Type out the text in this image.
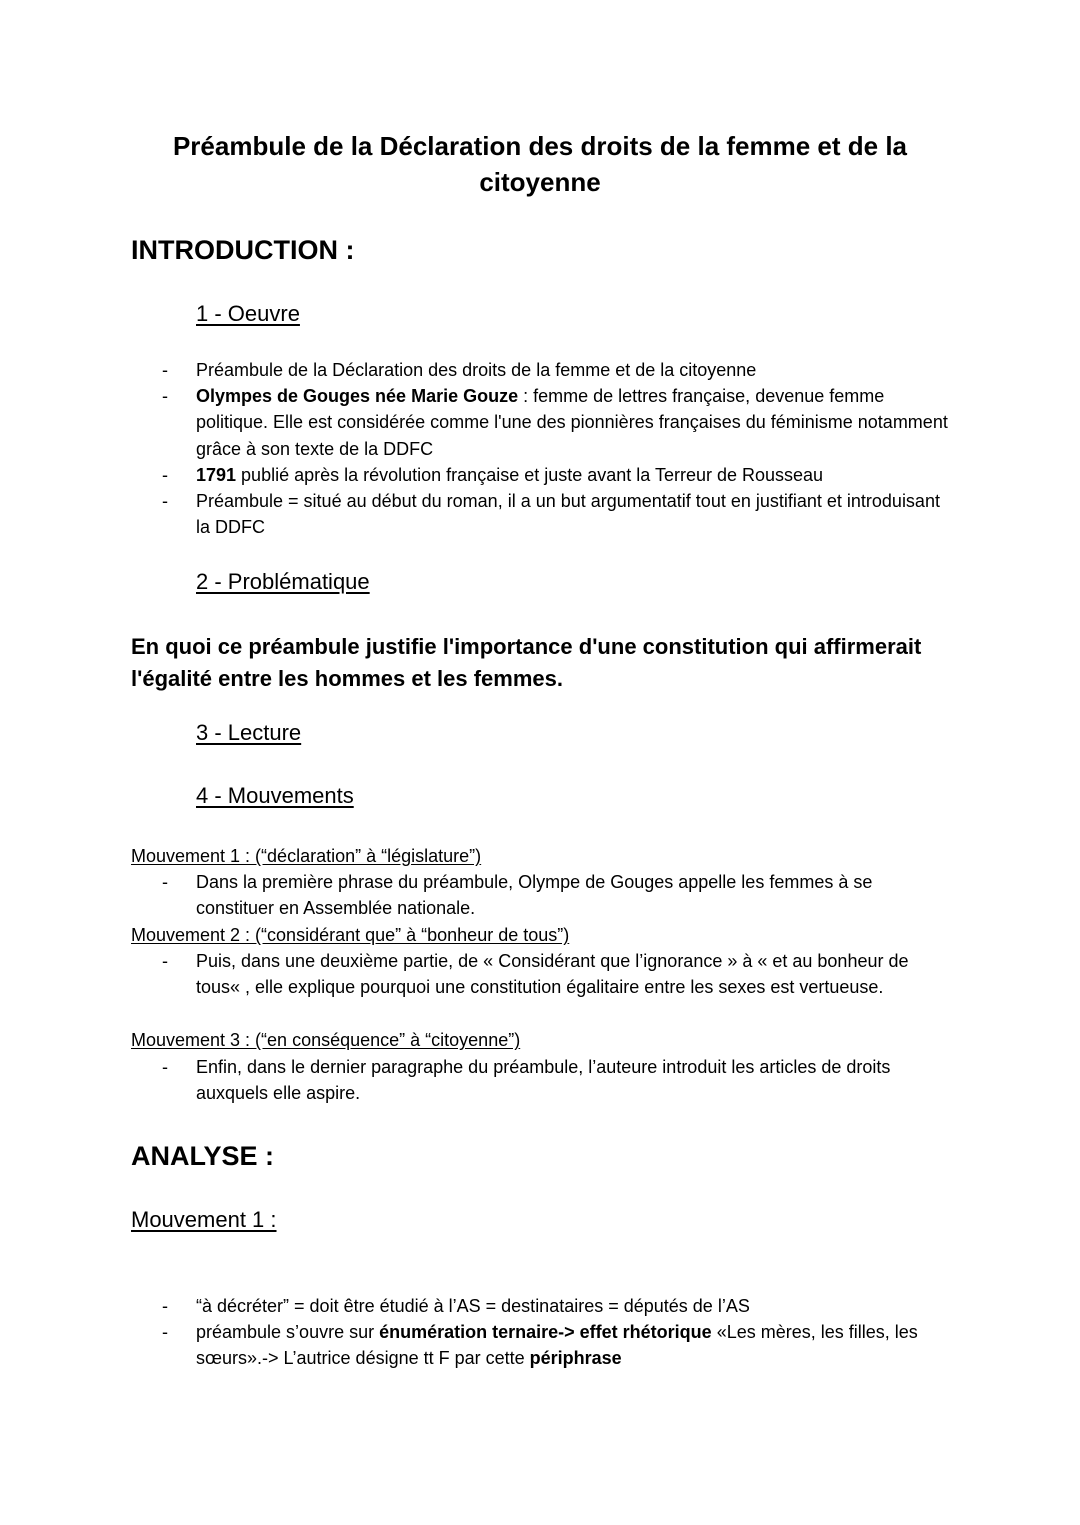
Préambule de la Déclaration des droits de la femme et de la citoyenne
INTRODUCTION :
1 - Oeuvre
- Préambule de la Déclaration des droits de la femme et de la citoyenne
- Olympes de Gouges née Marie Gouze : femme de lettres française, devenue femme politique. Elle est considérée comme l'une des pionnières françaises du féminisme notamment grâce à son texte de la DDFC
- 1791 publié après la révolution française et juste avant la Terreur de Rousseau
- Préambule = situé au début du roman, il a un but argumentatif tout en justifiant et introduisant la DDFC
2 - Problématique
En quoi ce préambule justifie l'importance d'une constitution qui affirmerait l'égalité entre les hommes et les femmes.
3 - Lecture
4 - Mouvements
Mouvement 1 : (“déclaration” à “législature”)
- Dans la première phrase du préambule, Olympe de Gouges appelle les femmes à se constituer en Assemblée nationale.
Mouvement 2 : (“considérant que” à “bonheur de tous”)
- Puis, dans une deuxième partie, de « Considérant que l’ignorance » à « et au bonheur de tous« , elle explique pourquoi une constitution égalitaire entre les sexes est vertueuse.
Mouvement 3 : (“en conséquence” à “citoyenne”)
- Enfin, dans le dernier paragraphe du préambule, l’auteure introduit les articles de droits auxquels elle aspire.
ANALYSE :
Mouvement 1 :
- “à décréter” = doit être étudié à l’AS = destinataires = députés de l’AS
- préambule s’ouvre sur énumération ternaire-> effet rhétorique «Les mères, les filles, les sœurs».-> L’autrice désigne tt F par cette périphrase
